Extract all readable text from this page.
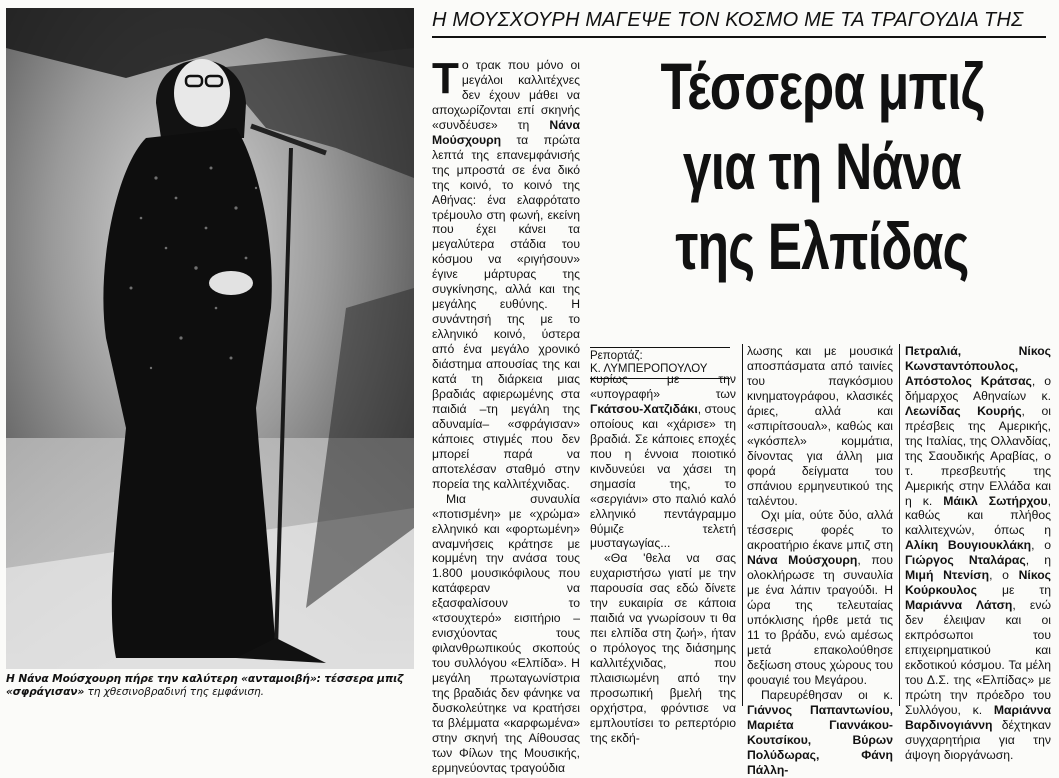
Η Νάνα Μούσχουρη πήρε την καλύτερη «ανταμοιβή»: τέσσερα μπιζ «σφράγισαν» τη χθεσινοβραδινή της εμφάνιση.
Η ΜΟΥΣΧΟΥΡΗ ΜΑΓΕΨΕ ΤΟΝ ΚΟΣΜΟ ΜΕ ΤΑ ΤΡΑΓΟΥΔΙΑ ΤΗΣ
Τέσσερα μπιζ
για τη Νάνα
της Ελπίδας

Το τρακ που μόνο οι μεγάλοι καλλιτέχνες δεν έχουν μάθει να αποχωρίζονται επί σκηνής «συνδέυσε» τη Νάνα Μούσχουρη τα πρώτα λεπτά της επανεμφάνισής της μπροστά σε ένα δικό της κοινό, το κοινό της Αθήνας: ένα ελαφρότατο τρέμουλο στη φωνή, εκείνη που έχει κάνει τα μεγαλύτερα στάδια του κόσμου να «ριγήσουν» έγινε μάρτυρας της συγκίνησης, αλλά και της μεγάλης ευθύνης. Η συνάντησή της με το ελληνικό κοινό, ύστερα από ένα μεγάλο χρονικό διάστημα απουσίας της και κατά τη διάρκεια μιας βραδιάς αφιερωμένης στα παιδιά –τη μεγάλη της αδυναμία– «σφράγισαν» κάποιες στιγμές που δεν μπορεί παρά να αποτελέσαν σταθμό στην πορεία της καλλιτέχνιδας.

Μια συναυλία «ποτισμένη» με «χρώμα» ελληνικό και «φορτωμένη» αναμνήσεις κράτησε με κομμένη την ανάσα τους 1.800 μουσικόφιλους που κατάφεραν να εξασφαλίσουν το «τσουχτερό» εισιτήριο –ενισχύοντας τους φιλανθρωπικούς σκοπούς του συλλόγου «Ελπίδα». Η μεγάλη πρωταγωνίστρια της βραδιάς δεν φάνηκε να δυσκολεύτηκε να κρατήσει τα βλέμματα «καρφωμένα» στην σκηνή της Αίθουσας των Φίλων της Μουσικής, ερμηνεύοντας τραγούδια

Ρεπορτάζ:
Κ. ΛΥΜΠΕΡΟΠΟΥΛΟΥ

κυρίως με την «υπογραφή» των Γκάτσου-Χατζιδάκι, στους οποίους και «χάρισε» τη βραδιά. Σε κάποιες εποχές που η έννοια ποιοτικό κινδυνεύει να χάσει τη σημασία της, το «σεργιάνι» στο παλιό καλό ελληνικό πεντάγραμμο θύμιζε τελετή μυσταγωγίας...

«Θα 'θελα να σας ευχαριστήσω γιατί με την παρουσία σας εδώ δίνετε την ευκαιρία σε κάποια παιδιά να γνωρίσουν τι θα πει ελπίδα στη ζωή», ήταν ο πρόλογος της διάσημης καλλιτέχνιδας, που πλαισιωμένη από την προσωπική βμελή της ορχήστρα, φρόντισε να εμπλουτίσει το ρεπερτόριο της εκδή-

λωσης και με μουσικά αποσπάσματα από ταινίες του παγκόσμιου κινηματογράφου, κλασικές άριες, αλλά και «σπιρίτσουαλ», καθώς και «γκόσπελ» κομμάτια, δίνοντας για άλλη μια φορά δείγματα του σπάνιου ερμηνευτικού της ταλέντου.

Οχι μία, ούτε δύο, αλλά τέσσερις φορές το ακροατήριο έκανε μπιζ στη Νάνα Μούσχουρη, που ολοκλήρωσε τη συναυλία με ένα λάπιν τραγούδι. Η ώρα της τελευταίας υπόκλισης ήρθε μετά τις 11 το βράδυ, ενώ αμέσως μετά επακολούθησε δεξίωση στους χώρους του φουαγιέ του Μεγάρου.

Παρευρέθησαν οι κ. Γιάννος Παπαντωνίου, Μαριέτα Γιαννάκου-Κουτσίκου, Βύρων Πολύδωρας, Φάνη Πάλλη-

Πετραλιά, Νίκος Κωνσταντόπουλος, Απόστολος Κράτσας, ο δήμαρχος Αθηναίων κ. Λεωνίδας Κουρής, οι πρέσβεις της Αμερικής, της Ιταλίας, της Ολλανδίας, της Σαουδικής Αραβίας, ο τ. πρεσβευτής της Αμερικής στην Ελλάδα και η κ. Μάικλ Σωτήρχου, καθώς και πλήθος καλλιτεχνών, όπως η Αλίκη Βουγιουκλάκη, ο Γιώργος Νταλάρας, η Μιμή Ντενίση, ο Νίκος Κούρκουλος με τη Μαριάννα Λάτση, ενώ δεν έλειψαν και οι εκπρόσωποι του επιχειρηματικού και εκδοτικού κόσμου. Τα μέλη του Δ.Σ. της «Ελπίδας» με πρώτη την πρόεδρο του Συλλόγου, κ. Μαριάννα Βαρδινογιάννη δέχτηκαν συγχαρητήρια για την άψογη διοργάνωση.
